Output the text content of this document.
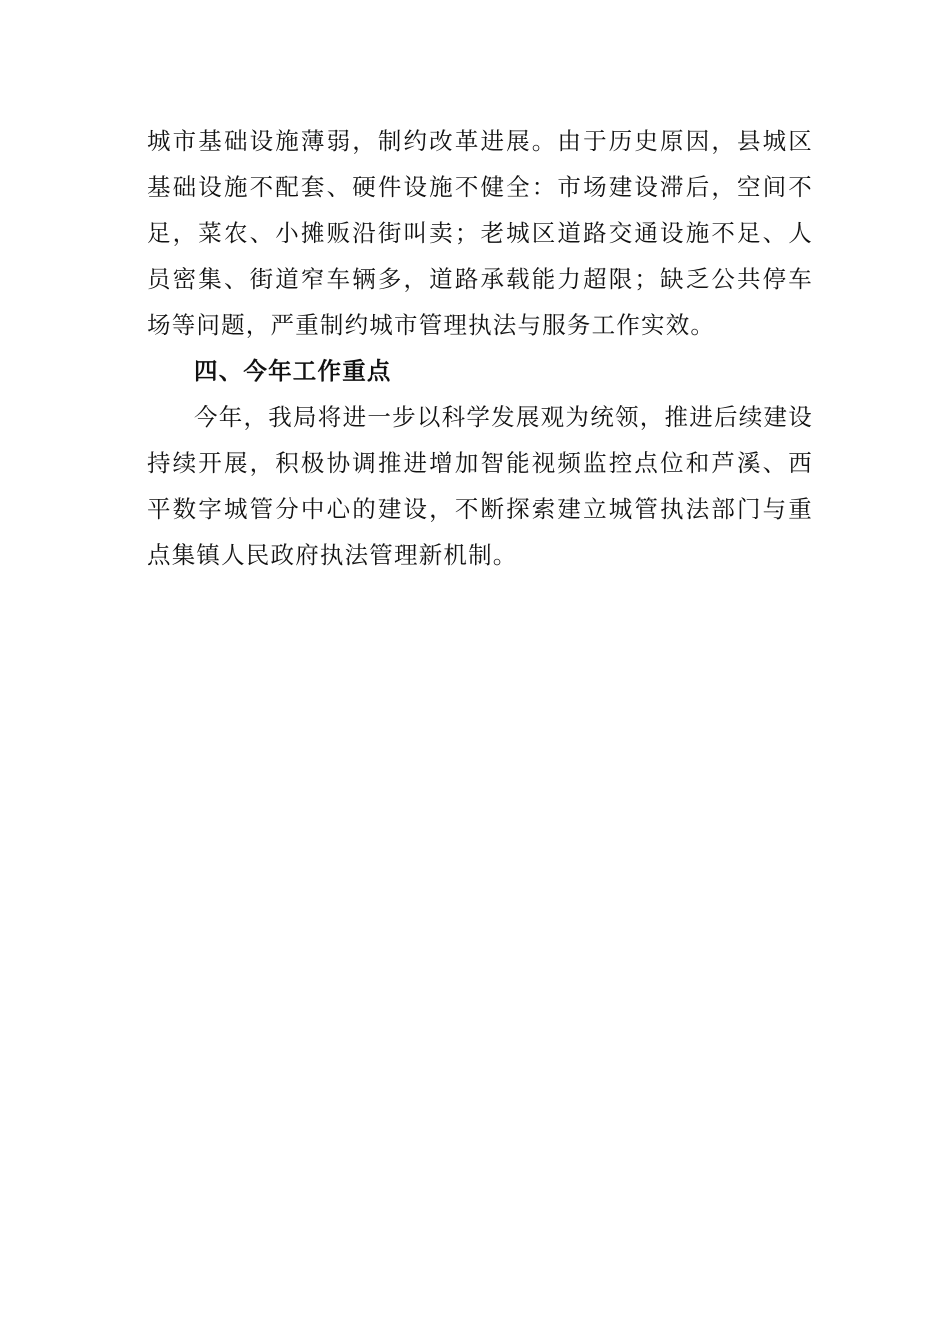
城市基础设施薄弱，制约改革进展。由于历史原因，县城区基础设施不配套、硬件设施不健全：市场建设滞后，空间不足，菜农、小摊贩沿街叫卖；老城区道路交通设施不足、人员密集、街道窄车辆多，道路承载能力超限；缺乏公共停车场等问题，严重制约城市管理执法与服务工作实效。

四、今年工作重点

今年，我局将进一步以科学发展观为统领，推进后续建设持续开展，积极协调推进增加智能视频监控点位和芦溪、西平数字城管分中心的建设，不断探索建立城管执法部门与重点集镇人民政府执法管理新机制。
